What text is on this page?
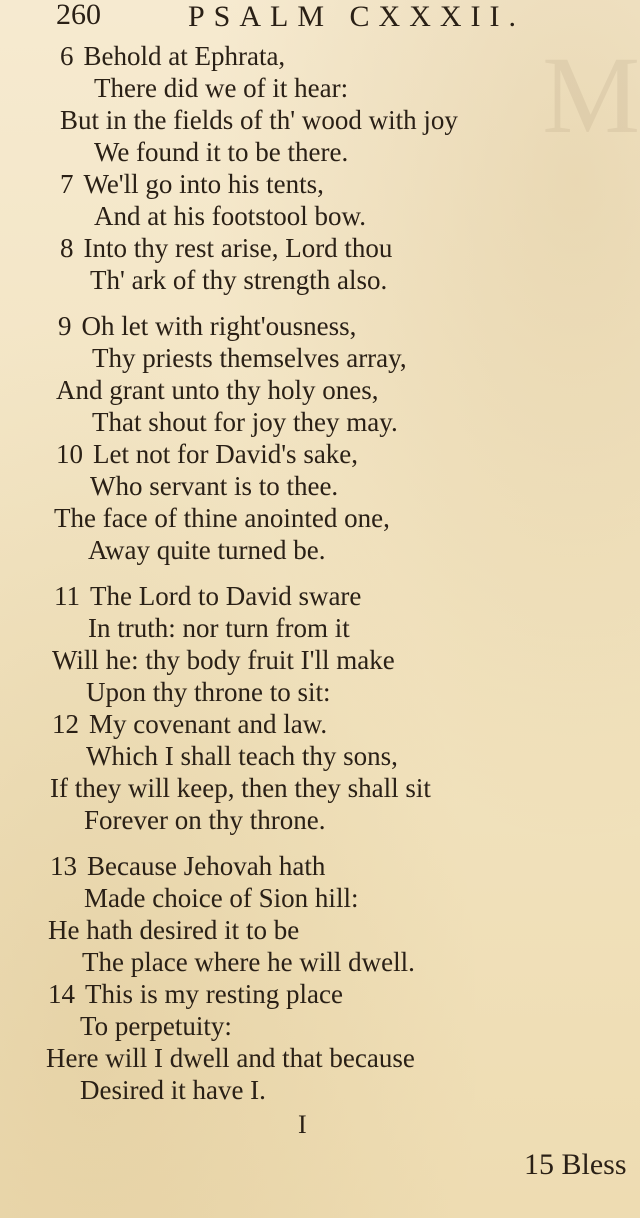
M
260	PSALM CXXXII.
6 Behold at Ephrata,
There did we of it hear:
But in the fields of th' wood with joy
We found it to be there.
7 We'll go into his tents,
And at his footstool bow.
8 Into thy rest arise, Lord thou
Th' ark of thy strength also.
9 Oh let with right'ousness,
Thy priests themselves array,
And grant unto thy holy ones,
That shout for joy they may.
10 Let not for David's sake,
Who servant is to thee.
The face of thine anointed one,
Away quite turned be.
11 The Lord to David sware
In truth: nor turn from it
Will he: thy body fruit I'll make
Upon thy throne to sit:
12 My covenant and law.
Which I shall teach thy sons,
If they will keep, then they shall sit
Forever on thy throne.
13 Because Jehovah hath
Made choice of Sion hill:
He hath desired it to be
The place where he will dwell.
14 This is my resting place
To perpetuity:
Here will I dwell and that because
Desired it have I.
I
15 Bless
